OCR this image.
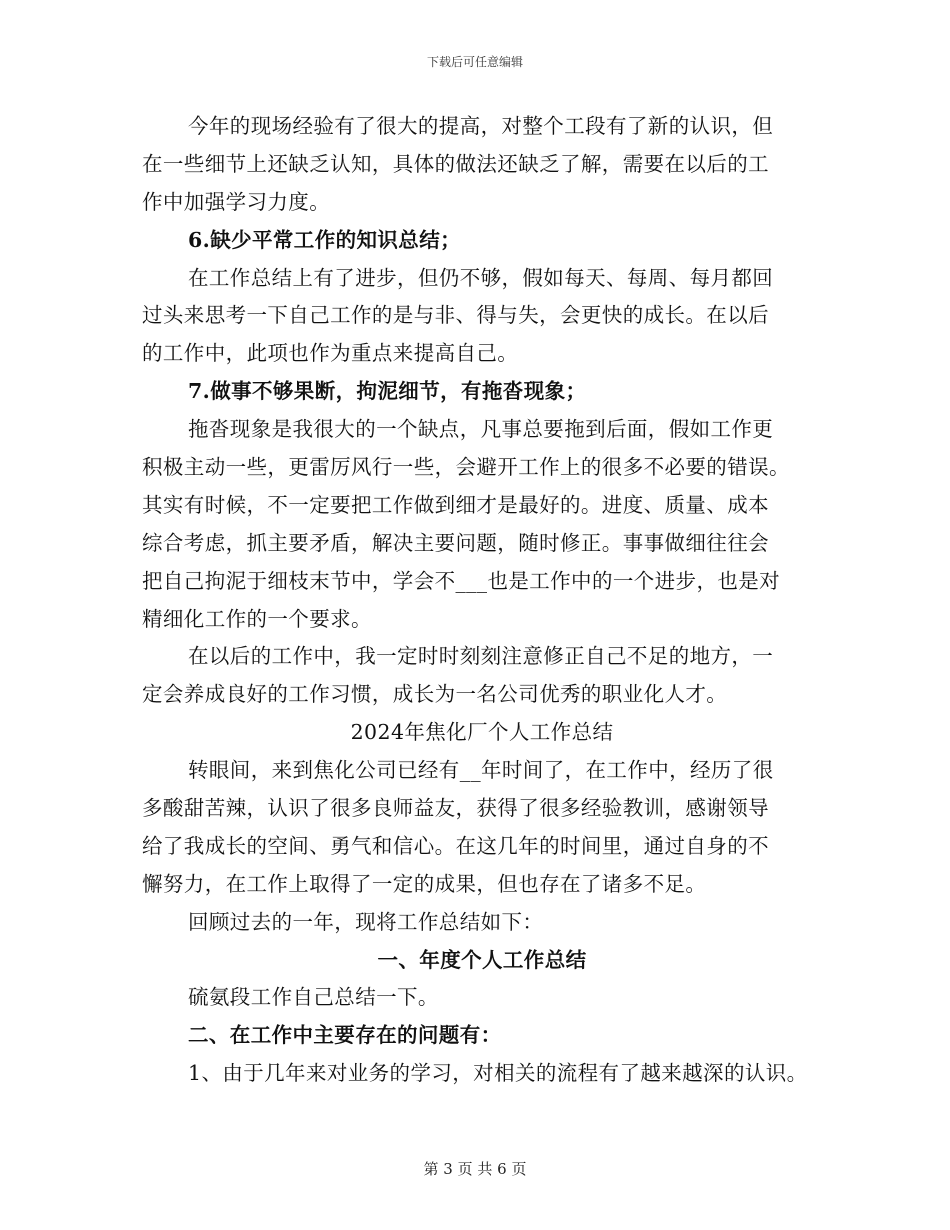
下载后可任意编辑
今年的现场经验有了很大的提高，对整个工段有了新的认识，但
在一些细节上还缺乏认知，具体的做法还缺乏了解，需要在以后的工
作中加强学习力度。
6.缺少平常工作的知识总结；
在工作总结上有了进步，但仍不够，假如每天、每周、每月都回
过头来思考一下自己工作的是与非、得与失，会更快的成长。在以后
的工作中，此项也作为重点来提高自己。
7.做事不够果断，拘泥细节，有拖沓现象；
拖沓现象是我很大的一个缺点，凡事总要拖到后面，假如工作更
积极主动一些，更雷厉风行一些，会避开工作上的很多不必要的错误。
其实有时候，不一定要把工作做到细才是最好的。进度、质量、成本
综合考虑，抓主要矛盾，解决主要问题，随时修正。事事做细往往会
把自己拘泥于细枝末节中，学会不___也是工作中的一个进步，也是对
精细化工作的一个要求。
在以后的工作中，我一定时时刻刻注意修正自己不足的地方，一
定会养成良好的工作习惯，成长为一名公司优秀的职业化人才。
2024年焦化厂个人工作总结
转眼间，来到焦化公司已经有__年时间了，在工作中，经历了很
多酸甜苦辣，认识了很多良师益友，获得了很多经验教训，感谢领导
给了我成长的空间、勇气和信心。在这几年的时间里，通过自身的不
懈努力，在工作上取得了一定的成果，但也存在了诸多不足。
回顾过去的一年，现将工作总结如下：
一、年度个人工作总结
硫氨段工作自己总结一下。
二、在工作中主要存在的问题有：
1、由于几年来对业务的学习，对相关的流程有了越来越深的认识。
第 3 页 共 6 页
